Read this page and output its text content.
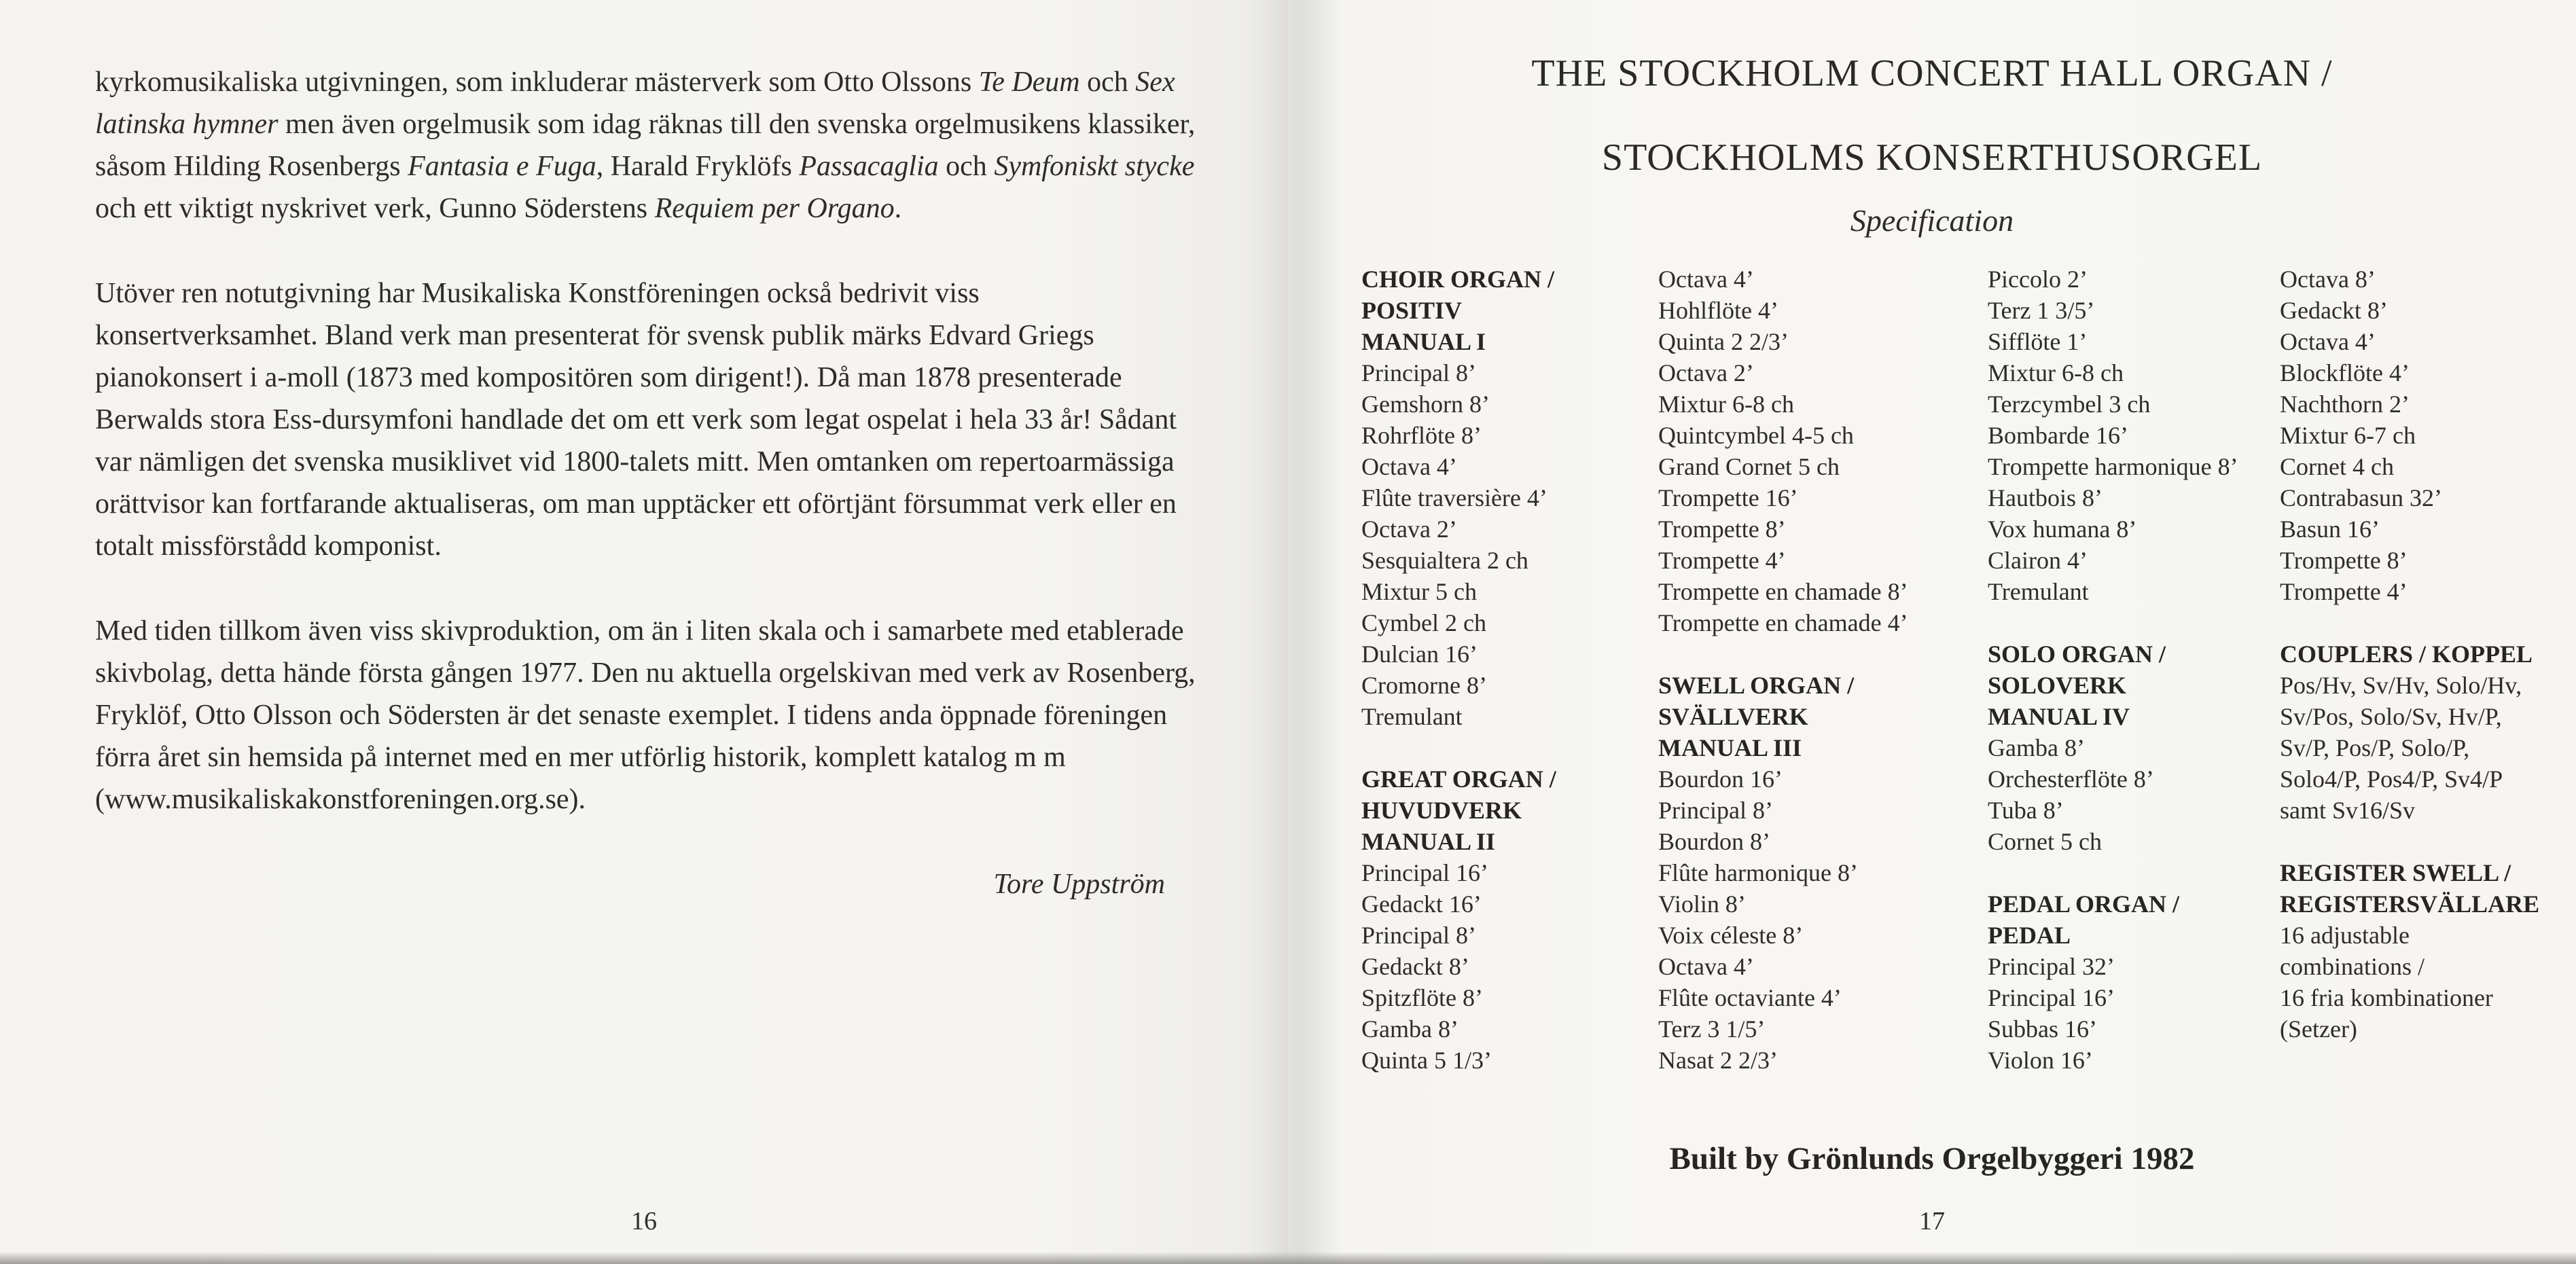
kyrkomusikaliska utgivningen, som inkluderar mästerverk som Otto Olssons Te Deum och Sex latinska hymner men även orgelmusik som idag räknas till den svenska orgelmusikens klassiker, såsom Hilding Rosenbergs Fantasia e Fuga, Harald Fryklöfs Passacaglia och Symfoniskt stycke och ett viktigt nyskrivet verk, Gunno Söderstens Requiem per Organo.

Utöver ren notutgivning har Musikaliska Konstföreningen också bedrivit viss konsertverksamhet. Bland verk man presenterat för svensk publik märks Edvard Griegs pianokonsert i a-moll (1873 med kompositören som dirigent!). Då man 1878 presenterade Berwalds stora Ess-dursymfoni handlade det om ett verk som legat ospelat i hela 33 år! Sådant var nämligen det svenska musiklivet vid 1800-talets mitt. Men omtanken om repertoarmässiga orättvisor kan fortfarande aktualiseras, om man upptäcker ett oförtjänt försummat verk eller en totalt missförstådd komponist.

Med tiden tillkom även viss skivproduktion, om än i liten skala och i samarbete med etablerade skivbolag, detta hände första gången 1977. Den nu aktuella orgelskivan med verk av Rosenberg, Fryklöf, Otto Olsson och Södersten är det senaste exemplet. I tidens anda öppnade föreningen förra året sin hemsida på internet med en mer utförlig historik, komplett katalog m m (www.musikaliskakonstforeningen.org.se).

Tore Uppström

16
THE STOCKHOLM CONCERT HALL ORGAN /
STOCKHOLMS KONSERTHUSORGEL
Specification
CHOIR ORGAN /
POSITIV
MANUAL I
Principal 8’
Gemshorn 8’
Rohrflöte 8’
Octava 4’
Flûte traversière 4’
Octava 2’
Sesquialtera 2 ch
Mixtur 5 ch
Cymbel 2 ch
Dulcian 16’
Cromorne 8’
Tremulant
GREAT ORGAN /
HUVUDVERK
MANUAL II
Principal 16’
Gedackt 16’
Principal 8’
Gedackt 8’
Spitzflöte 8’
Gamba 8’
Quinta 5 1/3’
Octava 4’
Hohlflöte 4’
Quinta 2 2/3’
Octava 2’
Mixtur 6-8 ch
Quintcymbel 4-5 ch
Grand Cornet 5 ch
Trompette 16’
Trompette 8’
Trompette 4’
Trompette en chamade 8’
Trompette en chamade 4’
SWELL ORGAN /
SVÄLLVERK
MANUAL III
Bourdon 16’
Principal 8’
Bourdon 8’
Flûte harmonique 8’
Violin 8’
Voix céleste 8’
Octava 4’
Flûte octaviante 4’
Terz 3 1/5’
Nasat 2 2/3’
Piccolo 2’
Terz 1 3/5’
Sifflöte 1’
Mixtur 6-8 ch
Terzcymbel 3 ch
Bombarde 16’
Trompette harmonique 8’
Hautbois 8’
Vox humana 8’
Clairon 4’
Tremulant
SOLO ORGAN /
SOLOVERK
MANUAL IV
Gamba 8’
Orchesterflöte 8’
Tuba 8’
Cornet 5 ch
PEDAL ORGAN /
PEDAL
Principal 32’
Principal 16’
Subbas 16’
Violon 16’
Octava 8’
Gedackt 8’
Octava 4’
Blockflöte 4’
Nachthorn 2’
Mixtur 6-7 ch
Cornet 4 ch
Contrabasun 32’
Basun 16’
Trompette 8’
Trompette 4’
COUPLERS / KOPPEL
Pos/Hv, Sv/Hv, Solo/Hv,
Sv/Pos, Solo/Sv, Hv/P,
Sv/P, Pos/P, Solo/P,
Solo4/P, Pos4/P, Sv4/P
samt Sv16/Sv
REGISTER SWELL /
REGISTERSVÄLLARE
16 adjustable
combinations /
16 fria kombinationer
(Setzer)
Built by Grönlunds Orgelbyggeri 1982
17
